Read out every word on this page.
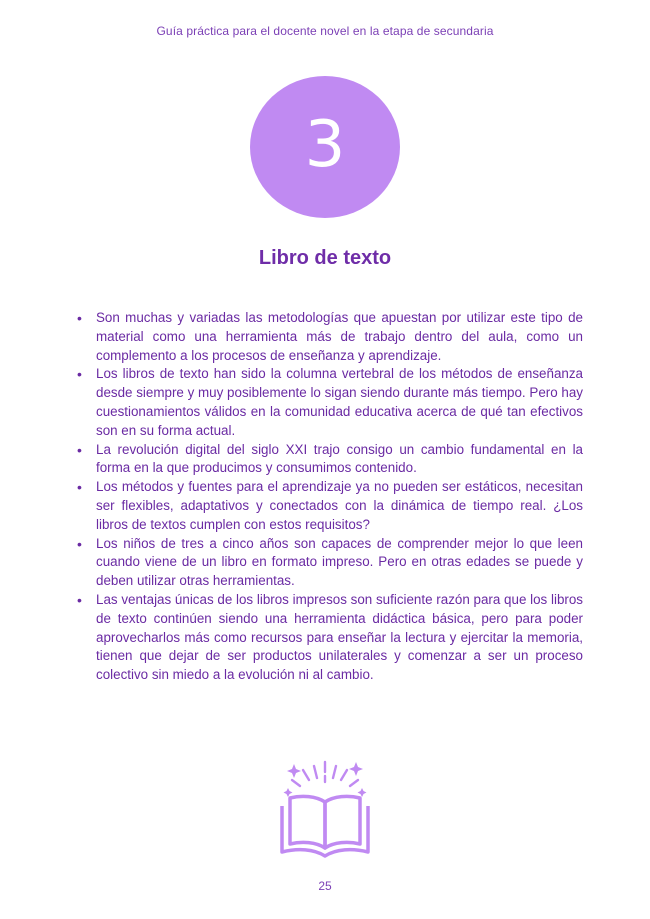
Guía práctica para el docente novel en la etapa de secundaria
3
Libro de texto
• Son muchas y variadas las metodologías que apuestan por utilizar este tipo de material como una herramienta más de trabajo dentro del aula, como un complemento a los procesos de enseñanza y aprendizaje.
• Los libros de texto han sido la columna vertebral de los métodos de enseñanza desde siempre y muy posiblemente lo sigan siendo durante más tiempo. Pero hay cuestionamientos válidos en la comunidad educativa acerca de qué tan efectivos son en su forma actual.
• La revolución digital del siglo XXI trajo consigo un cambio fundamental en la forma en la que producimos y consumimos contenido.
• Los métodos y fuentes para el aprendizaje ya no pueden ser estáticos, necesitan ser flexibles, adaptativos y conectados con la dinámica de tiempo real. ¿Los libros de textos cumplen con estos requisitos?
• Los niños de tres a cinco años son capaces de comprender mejor lo que leen cuando viene de un libro en formato impreso. Pero en otras edades se puede y deben utilizar otras herramientas.
• Las ventajas únicas de los libros impresos son suficiente razón para que los libros de texto continúen siendo una herramienta didáctica básica, pero para poder aprovecharlos más como recursos para enseñar la lectura y ejercitar la memoria, tienen que dejar de ser productos unilaterales y comenzar a ser un proceso colectivo sin miedo a la evolución ni al cambio.
25
